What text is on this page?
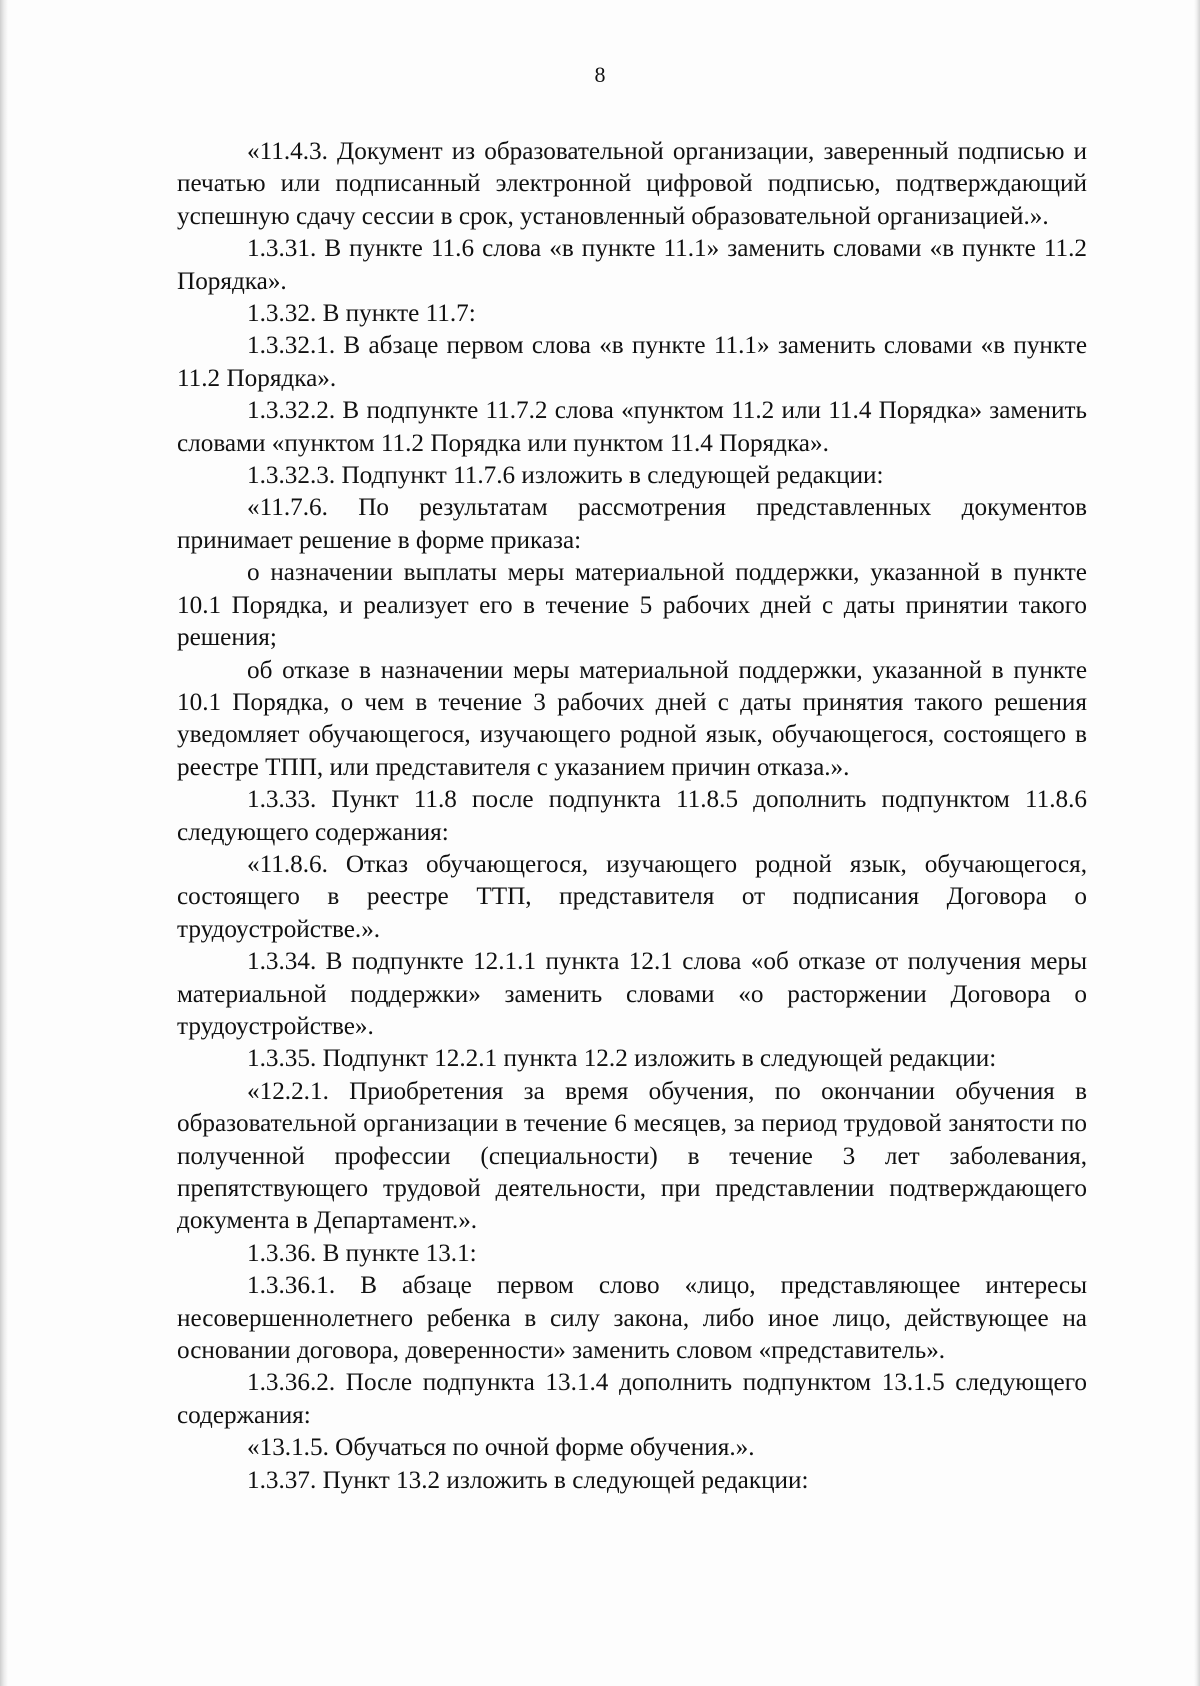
8

«11.4.3. Документ из образовательной организации, заверенный подписью и печатью или подписанный электронной цифровой подписью, подтверждающий успешную сдачу сессии в срок, установленный образовательной организацией.».

1.3.31. В пункте 11.6 слова «в пункте 11.1» заменить словами «в пункте 11.2 Порядка».

1.3.32. В пункте 11.7:

1.3.32.1. В абзаце первом слова «в пункте 11.1» заменить словами «в пункте 11.2 Порядка».

1.3.32.2. В подпункте 11.7.2 слова «пунктом 11.2 или 11.4 Порядка» заменить словами «пунктом 11.2 Порядка или пунктом 11.4 Порядка».

1.3.32.3. Подпункт 11.7.6 изложить в следующей редакции:

«11.7.6. По результатам рассмотрения представленных документов принимает решение в форме приказа:

о назначении выплаты меры материальной поддержки, указанной в пункте 10.1 Порядка, и реализует его в течение 5 рабочих дней с даты принятии такого решения;

об отказе в назначении меры материальной поддержки, указанной в пункте 10.1 Порядка, о чем в течение 3 рабочих дней с даты принятия такого решения уведомляет обучающегося, изучающего родной язык, обучающегося, состоящего в реестре ТПП, или представителя с указанием причин отказа.».

1.3.33. Пункт 11.8 после подпункта 11.8.5 дополнить подпунктом 11.8.6 следующего содержания:

«11.8.6. Отказ обучающегося, изучающего родной язык, обучающегося, состоящего в реестре ТТП, представителя от подписания Договора о трудоустройстве.».

1.3.34. В подпункте 12.1.1 пункта 12.1 слова «об отказе от получения меры материальной поддержки» заменить словами «о расторжении Договора о трудоустройстве».

1.3.35. Подпункт 12.2.1 пункта 12.2 изложить в следующей редакции:

«12.2.1. Приобретения за время обучения, по окончании обучения в образовательной организации в течение 6 месяцев, за период трудовой занятости по полученной профессии (специальности) в течение 3 лет заболевания, препятствующего трудовой деятельности, при представлении подтверждающего документа в Департамент.».

1.3.36. В пункте 13.1:

1.3.36.1. В абзаце первом слово «лицо, представляющее интересы несовершеннолетнего ребенка в силу закона, либо иное лицо, действующее на основании договора, доверенности» заменить словом «представитель».

1.3.36.2. После подпункта 13.1.4 дополнить подпунктом 13.1.5 следующего содержания:

«13.1.5. Обучаться по очной форме обучения.».

1.3.37. Пункт 13.2 изложить в следующей редакции:
